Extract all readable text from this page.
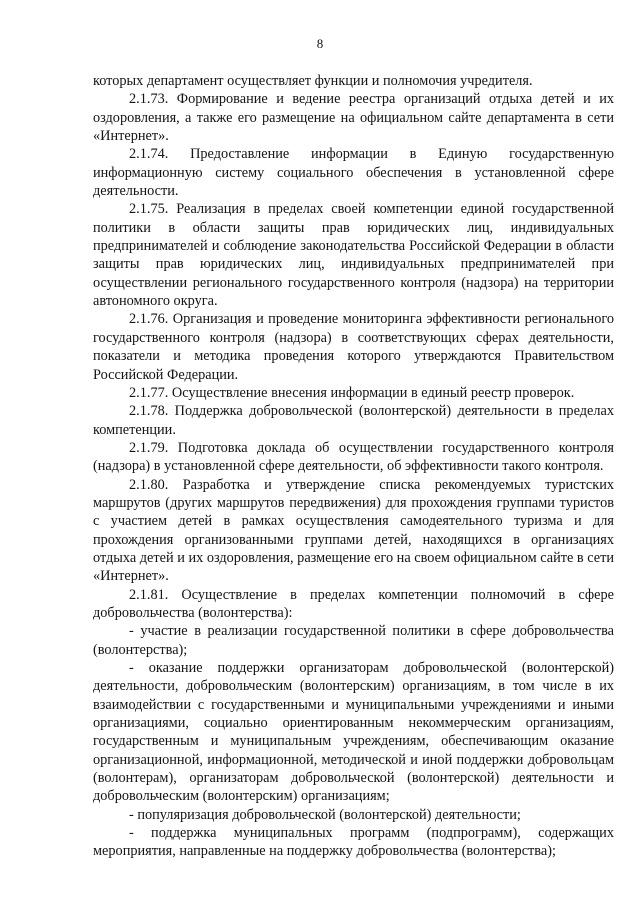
8

которых департамент осуществляет функции и полномочия учредителя.

2.1.73. Формирование и ведение реестра организаций отдыха детей и их оздоровления, а также его размещение на официальном сайте департамента в сети «Интернет».

2.1.74. Предоставление информации в Единую государственную информационную систему социального обеспечения в установленной сфере деятельности.

2.1.75. Реализация в пределах своей компетенции единой государственной политики в области защиты прав юридических лиц, индивидуальных предпринимателей и соблюдение законодательства Российской Федерации в области защиты прав юридических лиц, индивидуальных предпринимателей при осуществлении регионального государственного контроля (надзора) на территории автономного округа.

2.1.76. Организация и проведение мониторинга эффективности регионального государственного контроля (надзора) в соответствующих сферах деятельности, показатели и методика проведения которого утверждаются Правительством Российской Федерации.

2.1.77. Осуществление внесения информации в единый реестр проверок.

2.1.78. Поддержка добровольческой (волонтерской) деятельности в пределах компетенции.

2.1.79. Подготовка доклада об осуществлении государственного контроля (надзора) в установленной сфере деятельности, об эффективности такого контроля.

2.1.80. Разработка и утверждение списка рекомендуемых туристских маршрутов (других маршрутов передвижения) для прохождения группами туристов с участием детей в рамках осуществления самодеятельного туризма и для прохождения организованными группами детей, находящихся в организациях отдыха детей и их оздоровления, размещение его на своем официальном сайте в сети «Интернет».

2.1.81. Осуществление в пределах компетенции полномочий в сфере добровольчества (волонтерства):

- участие в реализации государственной политики в сфере добровольчества (волонтерства);

- оказание поддержки организаторам добровольческой (волонтерской) деятельности, добровольческим (волонтерским) организациям, в том числе в их взаимодействии с государственными и муниципальными учреждениями и иными организациями, социально ориентированным некоммерческим организациям, государственным и муниципальным учреждениям, обеспечивающим оказание организационной, информационной, методической и иной поддержки добровольцам (волонтерам), организаторам добровольческой (волонтерской) деятельности и добровольческим (волонтерским) организациям;

- популяризация добровольческой (волонтерской) деятельности;

- поддержка муниципальных программ (подпрограмм), содержащих мероприятия, направленные на поддержку добровольчества (волонтерства);
